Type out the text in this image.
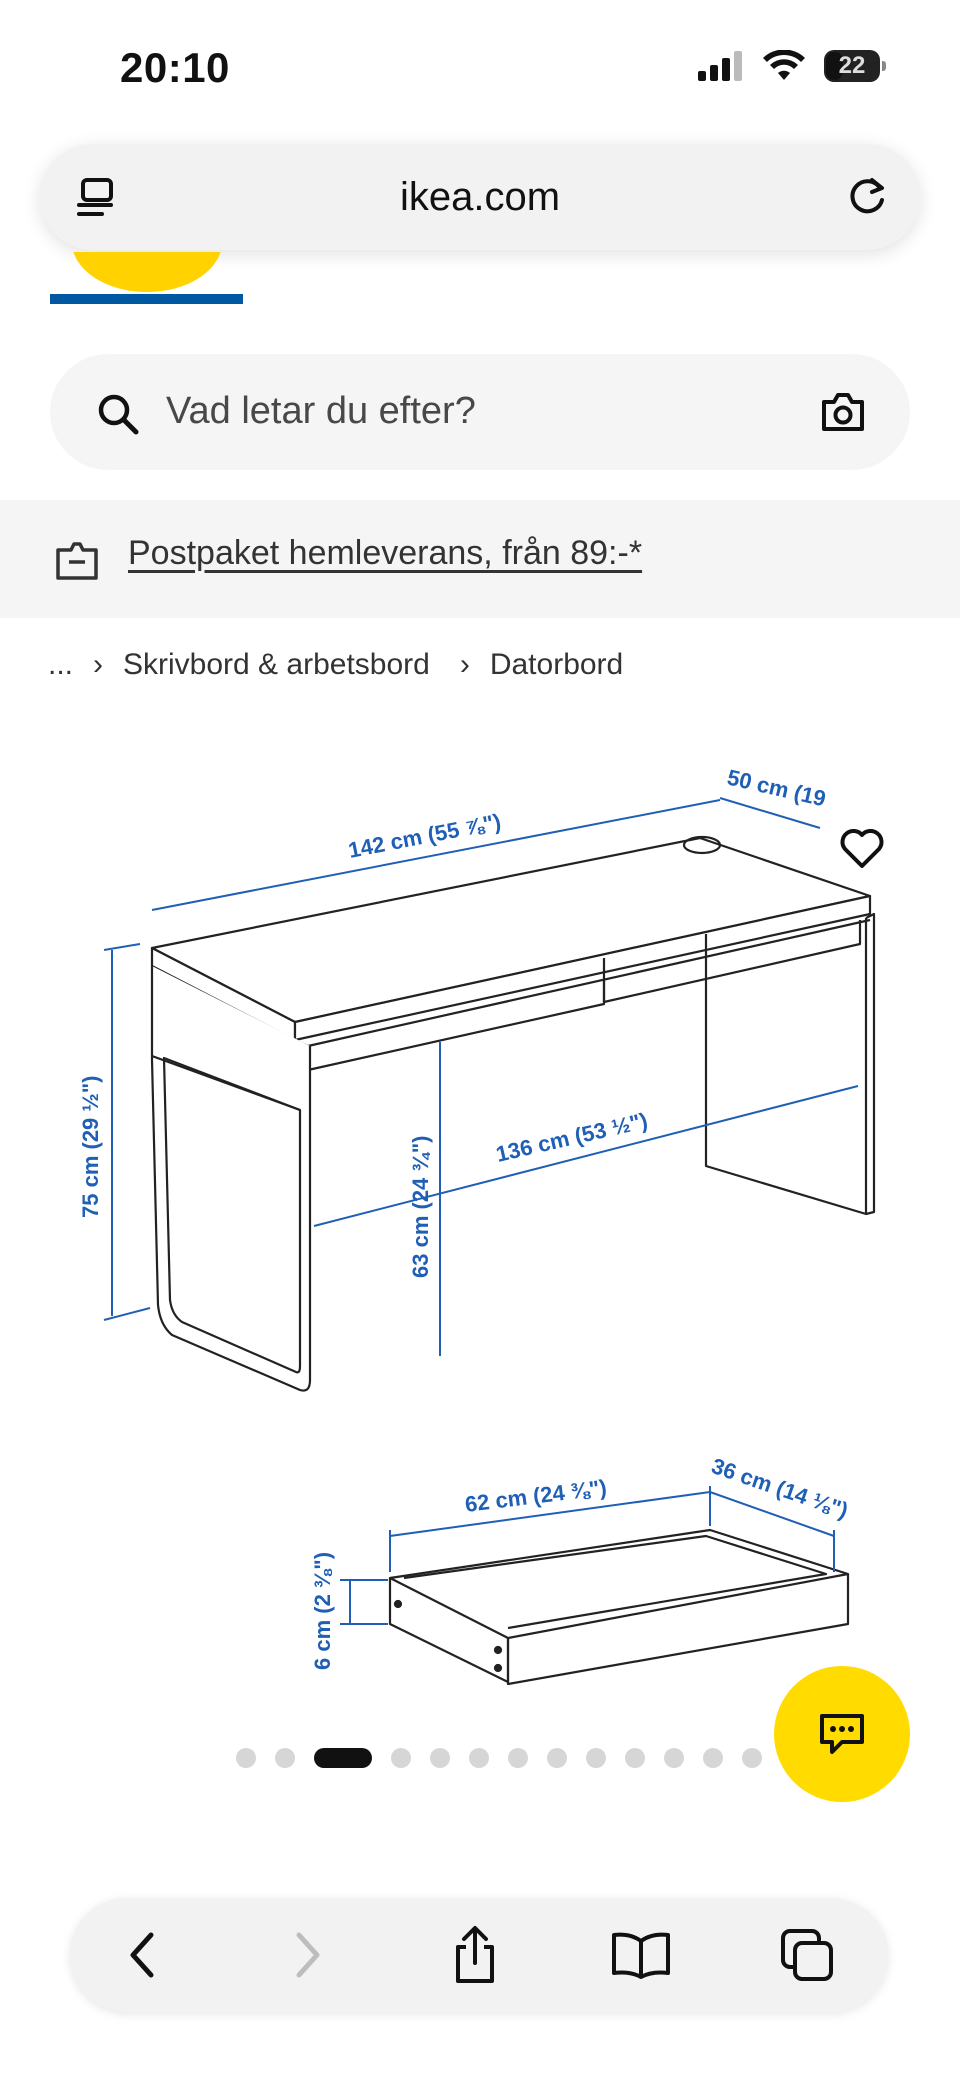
20:10	22
ikea.com
Vad letar du efter?
Postpaket hemleverans, från 89:-*
... › Skrivbord & arbetsbord › Datorbord
142 cm (55 ⅞")
50 cm (19
75 cm (29 ½")	63 cm (24 ¾")	136 cm (53 ½")
62 cm (24 ⅜")	36 cm (14 ⅛")
6 cm (2 ⅜")
